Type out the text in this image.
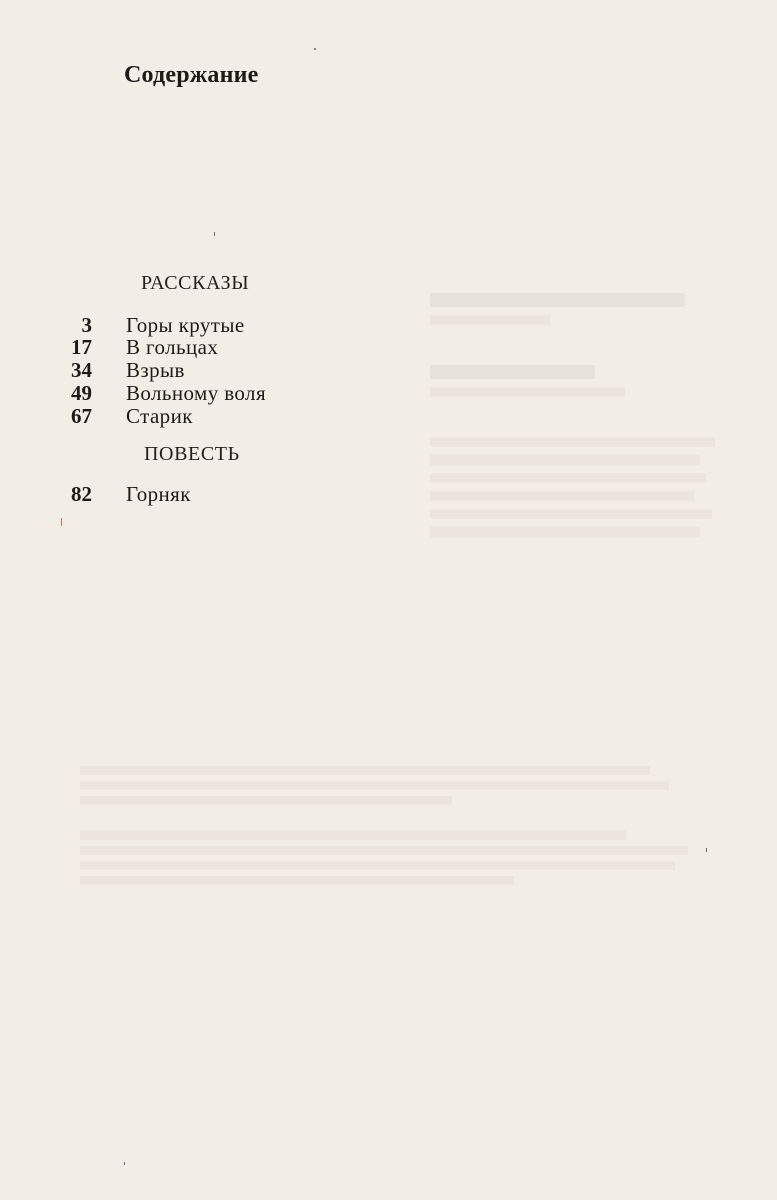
Содержание
РАССКАЗЫ
3 Горы крутые
17 В гольцах
34 Взрыв
49 Вольному воля
67 Старик
ПОВЕСТЬ
82 Горняк
